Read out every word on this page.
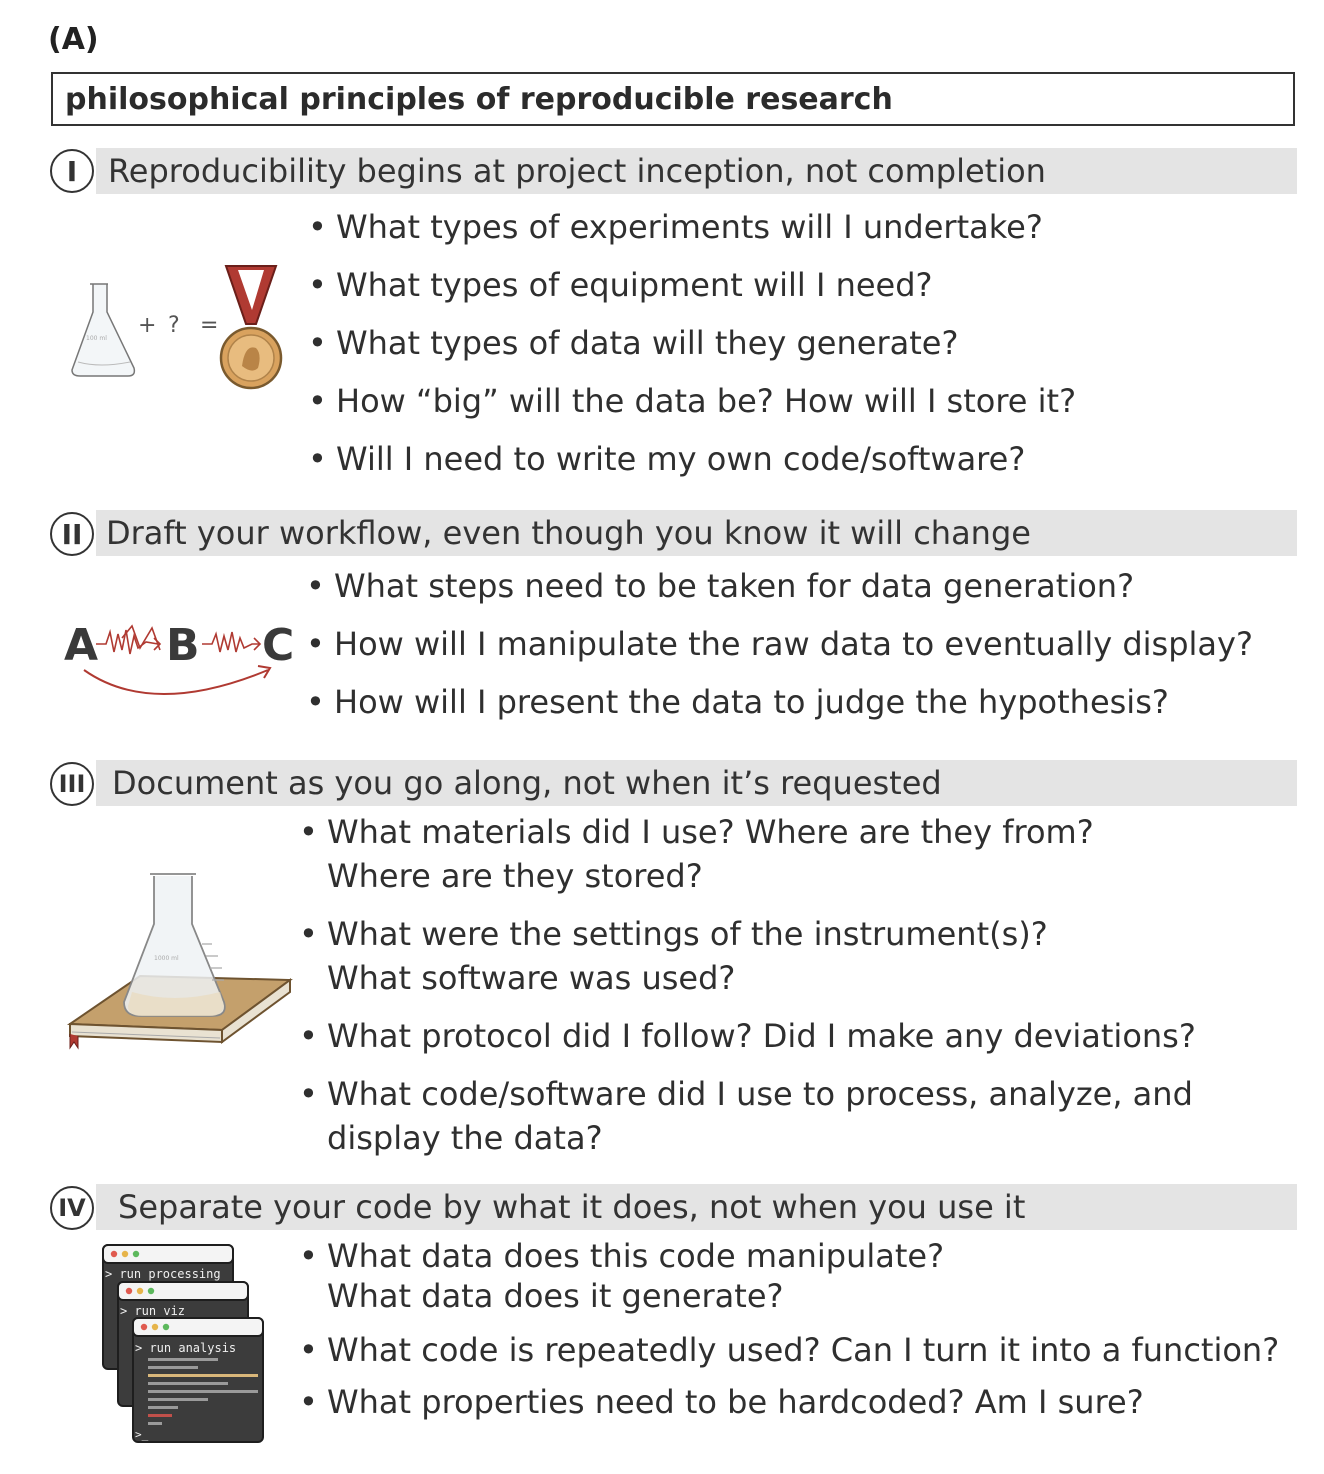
(A)
philosophical principles of reproducible research
Reproducibility begins at project inception, not completion
I
100 ml
+ ? =
• What types of experiments will I undertake?
• What types of equipment will I need?
• What types of data will they generate?
• How “big” will the data be? How will I store it?
• Will I need to write my own code/software?
Draft your workflow, even though you know it will change
II
A B C
• What steps need to be taken for data generation?
• How will I manipulate the raw data to eventually display?
• How will I present the data to judge the hypothesis?
Document as you go along, not when it’s requested
III
1000 ml
• What materials did I use? Where are they from?
Where are they stored?
• What were the settings of the instrument(s)?
What software was used?
• What protocol did I follow? Did I make any deviations?
• What code/software did I use to process, analyze, and
display the data?
Separate your code by what it does, not when you use it
IV
> run processing
> run viz
> run analysis
>_
• What data does this code manipulate?
What data does it generate?
• What code is repeatedly used? Can I turn it into a function?
• What properties need to be hardcoded? Am I sure?
